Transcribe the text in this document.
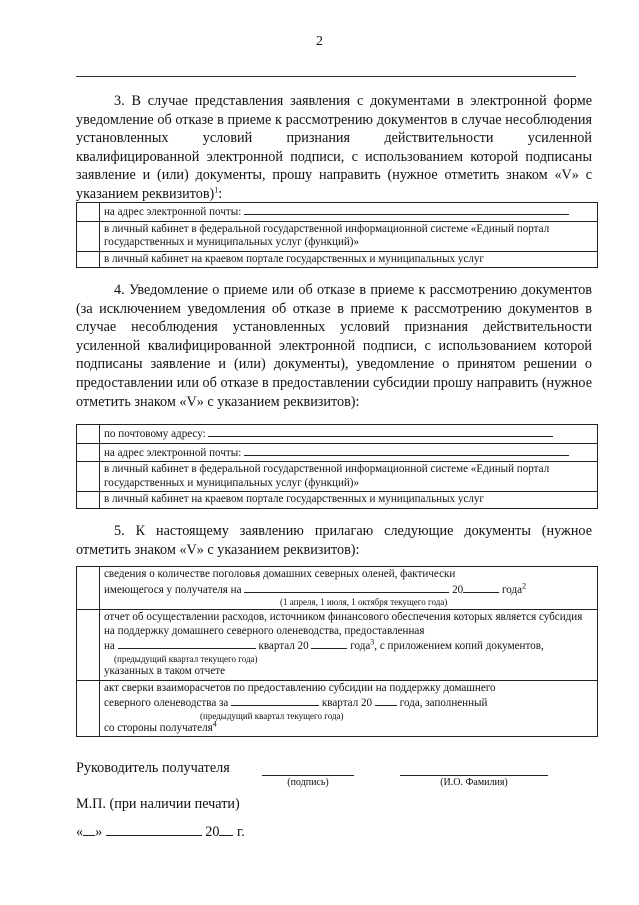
2
3. В случае представления заявления с документами в электронной форме уведомление об отказе в приеме к рассмотрению документов в случае несоблюдения установленных условий признания действительности усиленной квалифицированной электронной подписи, с использованием которой подписаны заявление и (или) документы, прошу направить (нужное отметить знаком «V» с указанием реквизитов)$^1$:
	на адрес электронной почты:
	в личный кабинет в федеральной государственной информационной системе «Единый портал государственных и муниципальных услуг (функций)»
	в личный кабинет на краевом портале государственных и муниципальных услуг
4. Уведомление о приеме или об отказе в приеме к рассмотрению документов (за исключением уведомления об отказе в приеме к рассмотрению документов в случае несоблюдения установленных условий признания действительности усиленной квалифицированной электронной подписи, с использованием которой подписаны заявление и (или) документы), уведомление о принятом решении о предоставлении или об отказе в предоставлении субсидии прошу направить (нужное отметить знаком «V» с указанием реквизитов):
	по почтовому адресу:
	на адрес электронной почты:
	в личный кабинет в федеральной государственной информационной системе «Единый портал государственных и муниципальных услуг (функций)»
	в личный кабинет на краевом портале государственных и муниципальных услуг
5. К настоящему заявлению прилагаю следующие документы (нужное отметить знаком «V» с указанием реквизитов):

	сведения о количестве поголовья домашних северных оленей, фактически
имеющегося у получателя на 20 года$^2$
(1 апреля, 1 июля, 1 октября текущего года)

	отчет об осуществлении расходов, источником финансового обеспечения которых является субсидия на поддержку домашнего северного оленеводства, предоставленная
на квартал 20 года$^3$, с приложением копий документов,
(предыдущий квартал текущего года)
указанных в таком отчете

	акт сверки взаиморасчетов по предоставлению субсидии на поддержку домашнего
северного оленеводства за квартал 20 года, заполненный
(предыдущий квартал текущего года)
со стороны получателя$^4$
Руководитель получателя
(подпись)	(И.О. Фамилия)
М.П. (при наличии печати)
« »	20 г.
